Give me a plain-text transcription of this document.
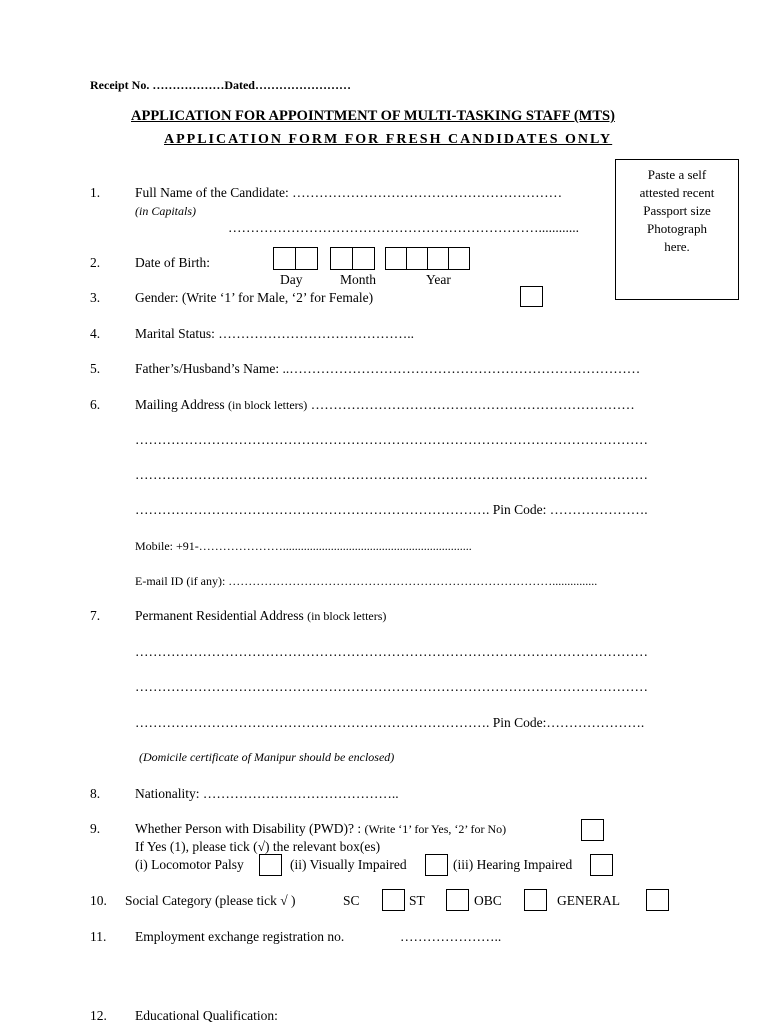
Receipt No. ………………Dated……………………
APPLICATION FOR APPOINTMENT OF MULTI-TASKING STAFF (MTS)
APPLICATION FORM FOR FRESH CANDIDATES ONLY
Paste a self
attested recent
Passport size
Photograph
here.
1.	Full Name of the Candidate: ……………………………………………………
(in Capitals)
……………………………………………………………............
2.	Date of Birth:
Day	Month	Year
3.	Gender: (Write ‘1’ for Male, ‘2’ for Female)
4.	Marital Status: ……………………………………..
5.	Father’s/Husband’s Name: ..……………………………………………………………………
6.	Mailing Address (in block letters) ………………………………………………………………
……………………………………………………………………………………………………
……………………………………………………………………………………………………
……………………………………………………………………. Pin Code: ………………….
Mobile: +91-…………………...............................................................
E-mail ID (if any): ………………………………………………………………………...............
7.	Permanent Residential Address (in block letters)
……………………………………………………………………………………………………
……………………………………………………………………………………………………
……………………………………………………………………. Pin Code:………………….
(Domicile certificate of Manipur should be enclosed)
8.	Nationality: ……………………………………..
9.	Whether Person with Disability (PWD)? : (Write ‘1’ for Yes, ‘2’ for No)
If Yes (1), please tick (√) the relevant box(es)
(i) Locomotor Palsy	(ii) Visually Impaired	(iii) Hearing Impaired
10. Social Category (please tick √ )	SC	ST	OBC	GENERAL
11. Employment exchange registration no.	…………………..
12. Educational Qualification:
